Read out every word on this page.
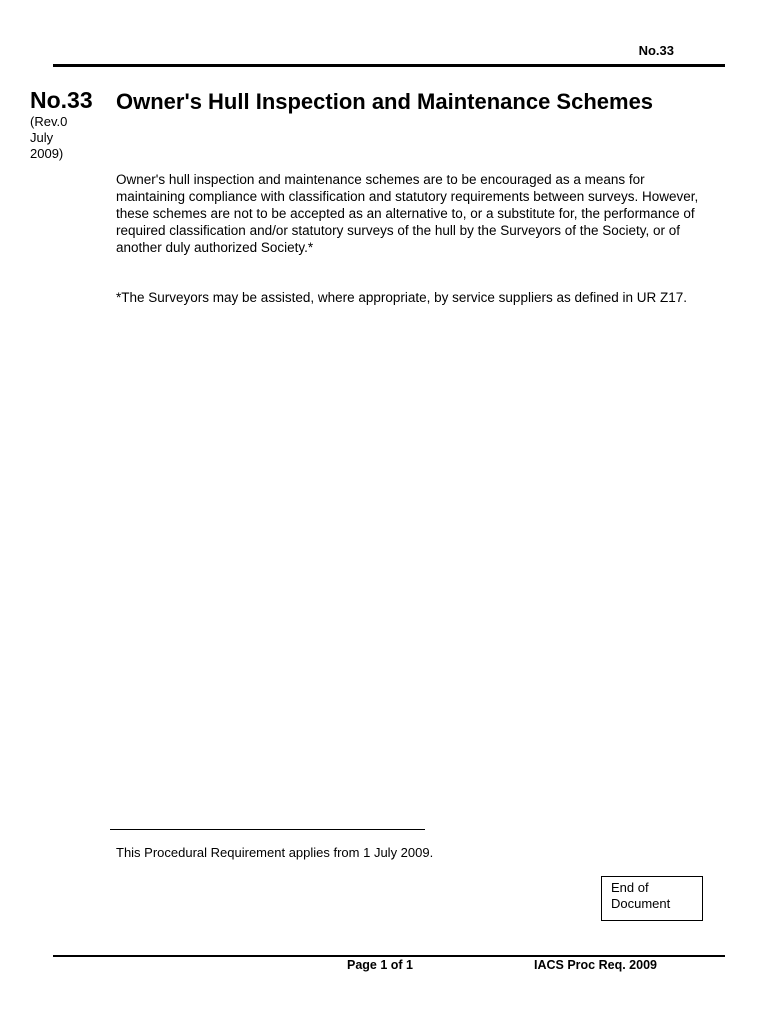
No.33
No.33
(Rev.0
July
2009)
Owner's Hull Inspection and Maintenance Schemes

Owner's hull inspection and maintenance schemes are to be encouraged as a means for maintaining compliance with classification and statutory requirements between surveys. However, these schemes are not to be accepted as an alternative to, or a substitute for, the performance of required classification and/or statutory surveys of the hull by the Surveyors of the Society, or of another duly authorized Society.*

*The Surveyors may be assisted, where appropriate, by service suppliers as defined in UR Z17.

This Procedural Requirement applies from 1 July 2009.
End of
Document
Page 1 of 1	IACS Proc Req. 2009
